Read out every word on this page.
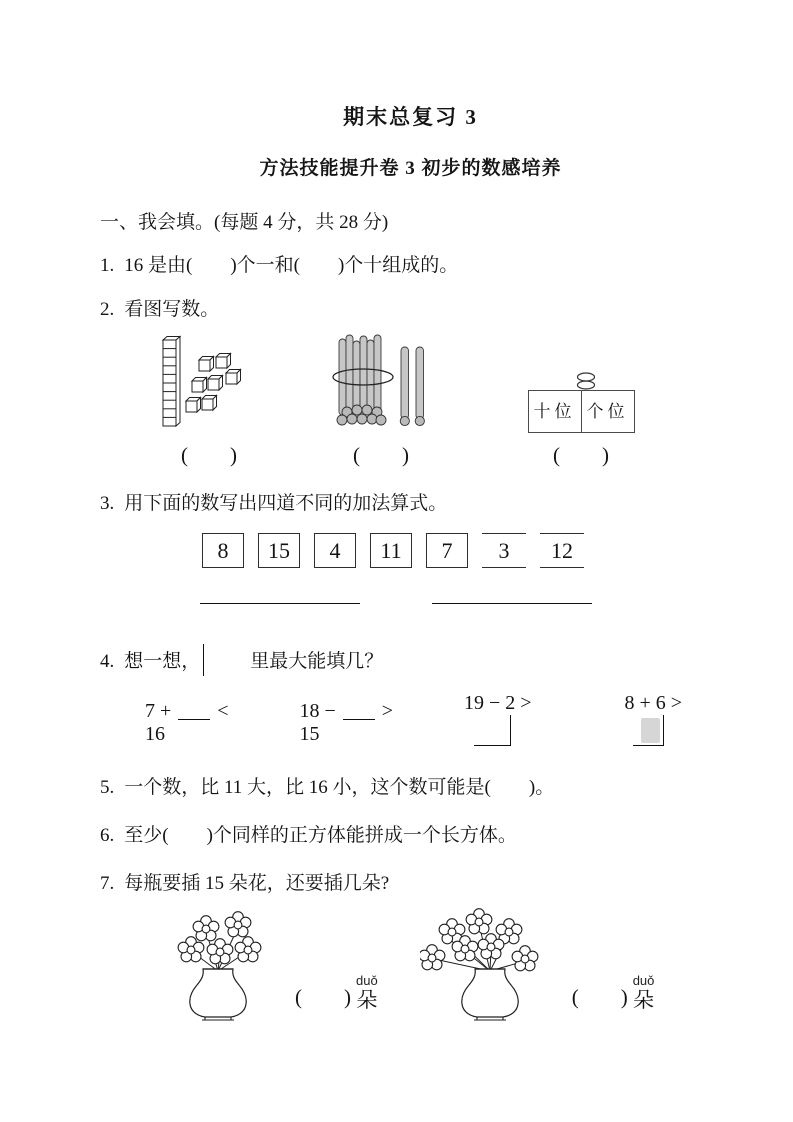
期末总复习 3
方法技能提升卷 3 初步的数感培养
一、我会填。(每题 4 分，共 28 分)

1. 16 是由(　　)个一和(　　)个十组成的。

2. 看图写数。

(　　)	(　　)
十位 个位
(　　)

3. 用下面的数写出四道不同的加法算式。

8	15	4	11	7	3	12

4. 想一想，	里最大能填几？

7 + < 16
18 − > 15
19 − 2 >	8 + 6 >

5. 一个数，比 11 大，比 16 小，这个数可能是(　　)。

6. 至少(　　)个同样的正方体能拼成一个长方体。

7. 每瓶要插 15 朵花，还要插几朵?

(　　)
duǒ
朵	(　　)
duǒ
朵
